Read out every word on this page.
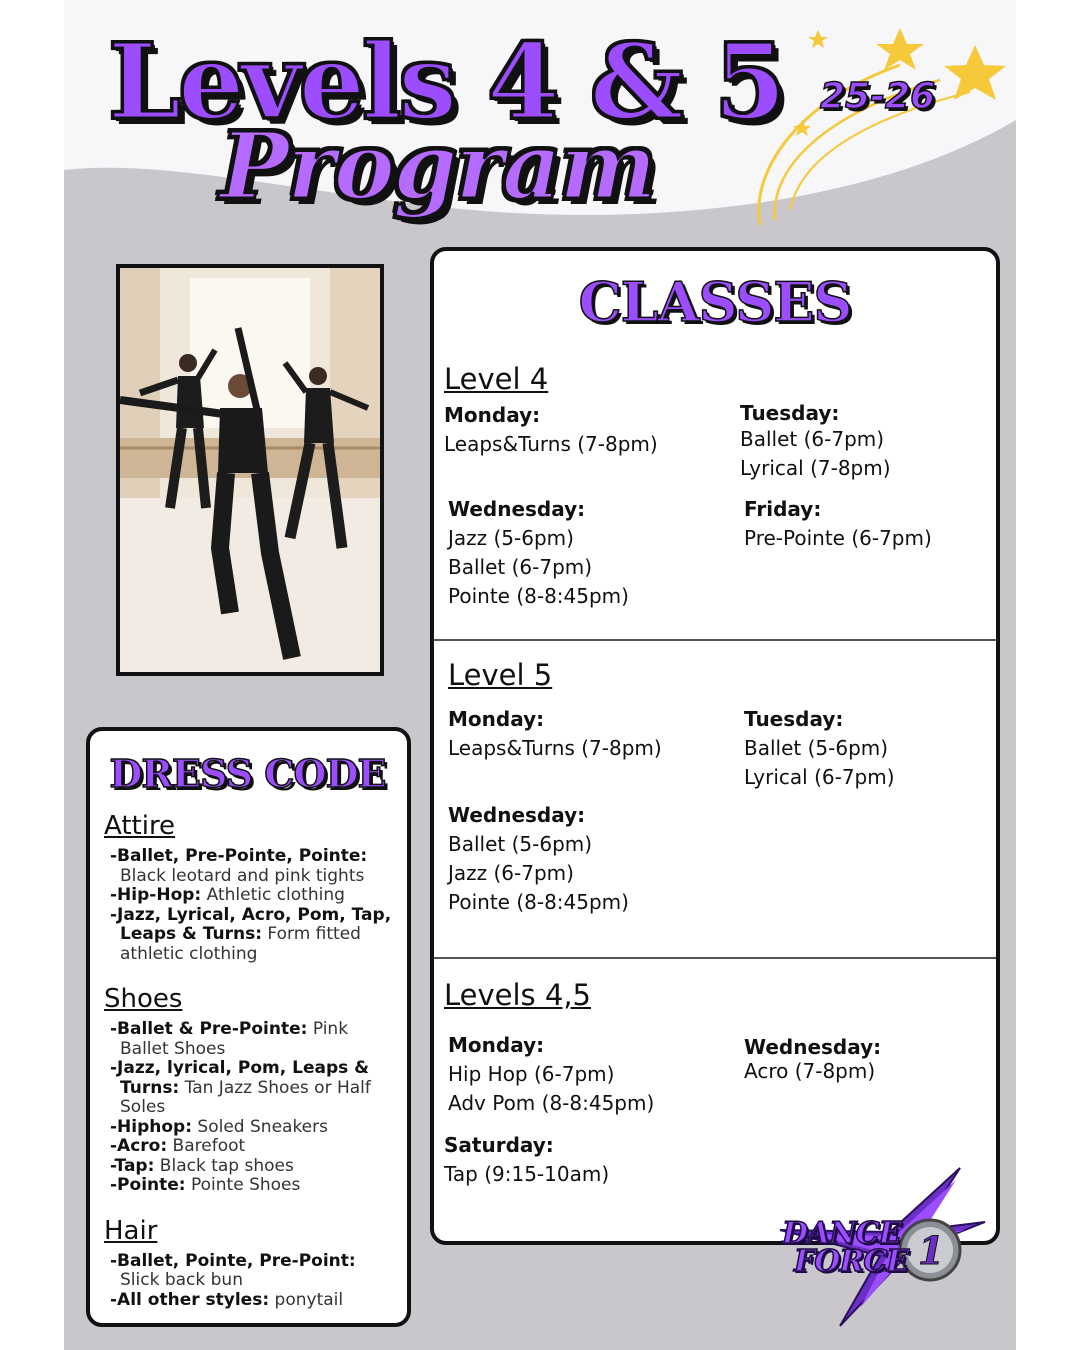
Levels 4 & 5
Program
25-26
DRESS CODE
Attire
-Ballet, Pre-Pointe, Pointe: Black leotard and pink tights
-Hip-Hop: Athletic clothing
-Jazz, Lyrical, Acro, Pom, Tap, Leaps & Turns: Form fitted athletic clothing
Shoes
-Ballet & Pre-Pointe: Pink Ballet Shoes
-Jazz, lyrical, Pom, Leaps & Turns: Tan Jazz Shoes or Half Soles
-Hiphop: Soled Sneakers
-Acro: Barefoot
-Tap: Black tap shoes
-Pointe: Pointe Shoes
Hair
-Ballet, Pointe, Pre-Point: Slick back bun
-All other styles: ponytail
CLASSES
Level 4
Monday:
Leaps&Turns (7-8pm)
Tuesday:
Ballet (6-7pm)
Lyrical (7-8pm)
Wednesday:
Jazz (5-6pm)
Ballet (6-7pm)
Pointe (8-8:45pm)
Friday:
Pre-Pointe (6-7pm)
Level 5
Monday:
Leaps&Turns (7-8pm)
Tuesday:
Ballet (5-6pm)
Lyrical (6-7pm)
Wednesday:
Ballet (5-6pm)
Jazz (6-7pm)
Pointe (8-8:45pm)
Levels 4,5
Monday:
Hip Hop (6-7pm)
Adv Pom (8-8:45pm)
Wednesday:
Acro (7-8pm)
Saturday:
Tap (9:15-10am)
DANCE
FORCE 1
